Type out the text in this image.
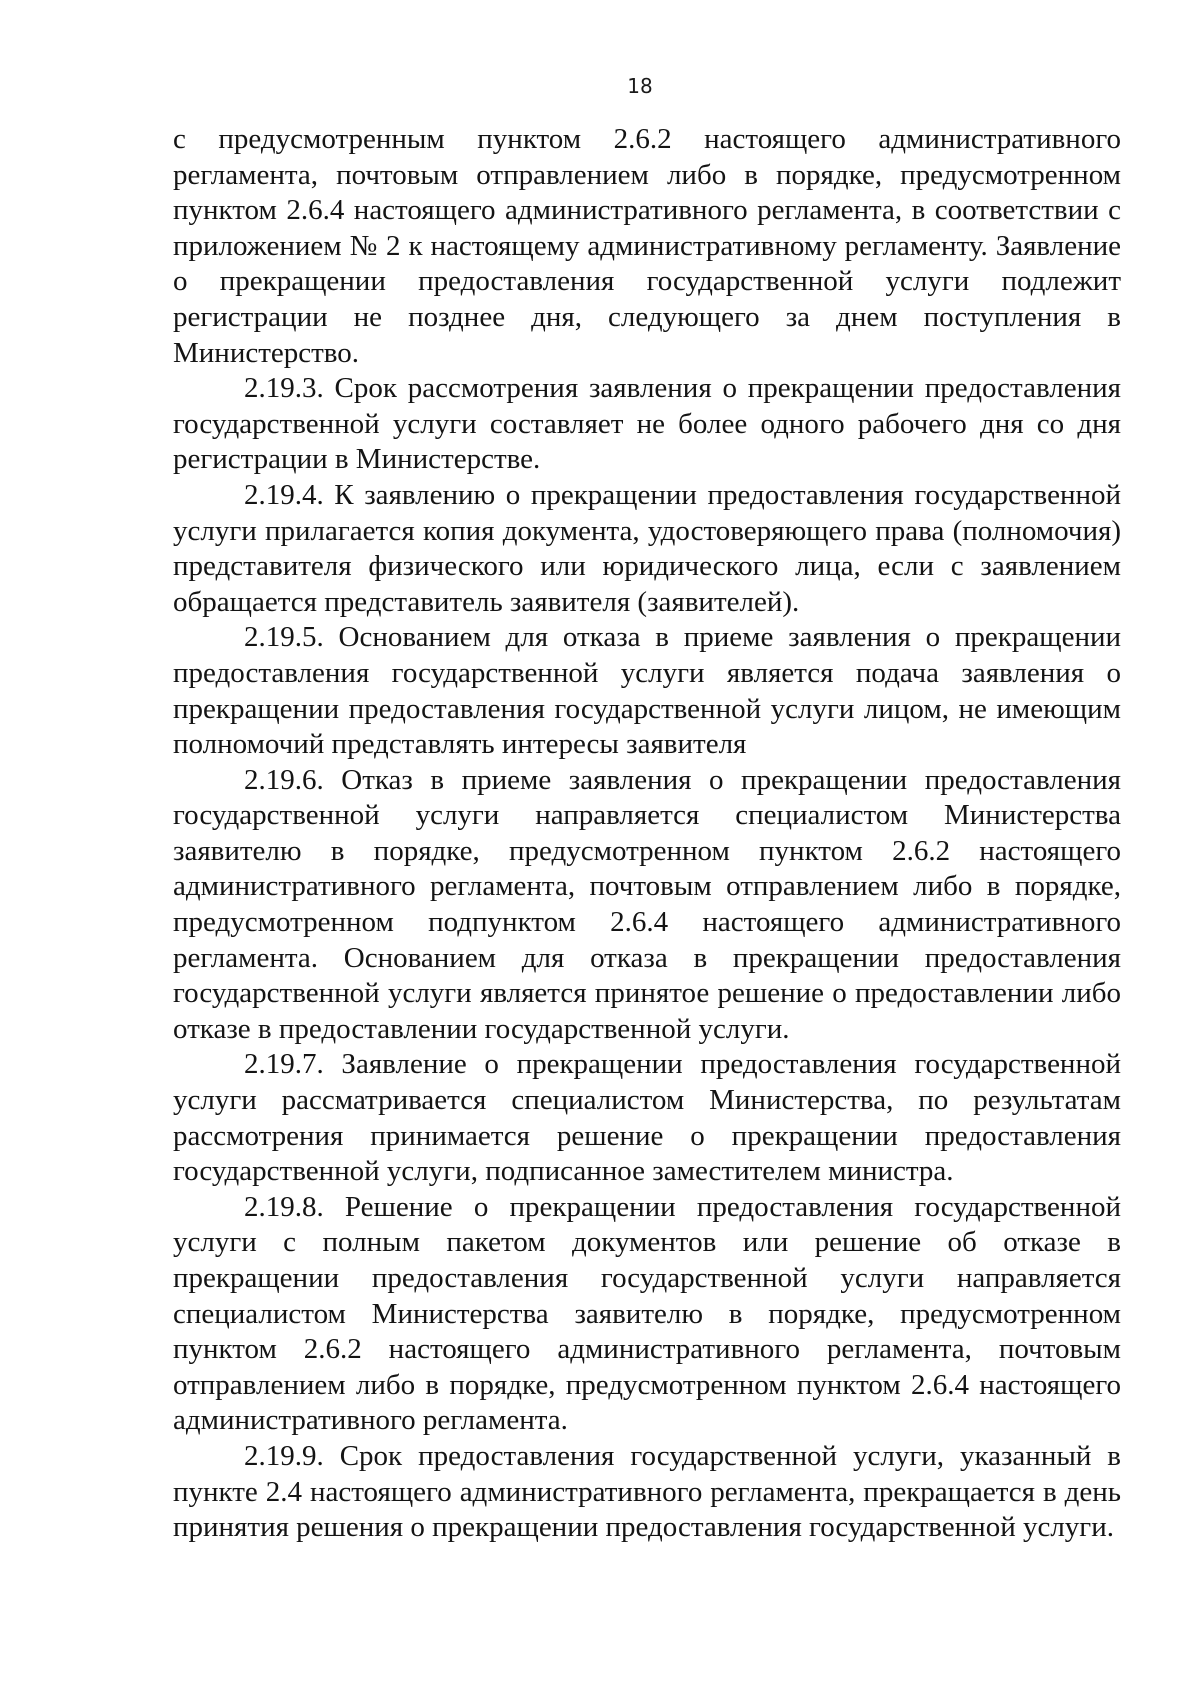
18

с предусмотренным пунктом 2.6.2 настоящего административного регламента, почтовым отправлением либо в порядке, предусмотренном пунктом 2.6.4 настоящего административного регламента, в соответствии с приложением № 2 к настоящему административному регламенту. Заявление о прекращении предоставления государственной услуги подлежит регистрации не позднее дня, следующего за днем поступления в Министерство.

2.19.3. Срок рассмотрения заявления о прекращении предоставления государственной услуги составляет не более одного рабочего дня со дня регистрации в Министерстве.

2.19.4. К заявлению о прекращении предоставления государственной услуги прилагается копия документа, удостоверяющего права (полномочия) представителя физического или юридического лица, если с заявлением обращается представитель заявителя (заявителей).

2.19.5. Основанием для отказа в приеме заявления о прекращении предоставления государственной услуги является подача заявления о прекращении предоставления государственной услуги лицом, не имеющим полномочий представлять интересы заявителя

2.19.6. Отказ в приеме заявления о прекращении предоставления государственной услуги направляется специалистом Министерства заявителю в порядке, предусмотренном пунктом 2.6.2 настоящего административного регламента, почтовым отправлением либо в порядке, предусмотренном подпунктом 2.6.4 настоящего административного регламента. Основанием для отказа в прекращении предоставления государственной услуги является принятое решение о предоставлении либо отказе в предоставлении государственной услуги.

2.19.7. Заявление о прекращении предоставления государственной услуги рассматривается специалистом Министерства, по результатам рассмотрения принимается решение о прекращении предоставления государственной услуги, подписанное заместителем министра.

2.19.8. Решение о прекращении предоставления государственной услуги с полным пакетом документов или решение об отказе в прекращении предоставления государственной услуги направляется специалистом Министерства заявителю в порядке, предусмотренном пунктом 2.6.2 настоящего административного регламента, почтовым отправлением либо в порядке, предусмотренном пунктом 2.6.4 настоящего административного регламента.

2.19.9. Срок предоставления государственной услуги, указанный в пункте 2.4 настоящего административного регламента, прекращается в день принятия решения о прекращении предоставления государственной услуги.
